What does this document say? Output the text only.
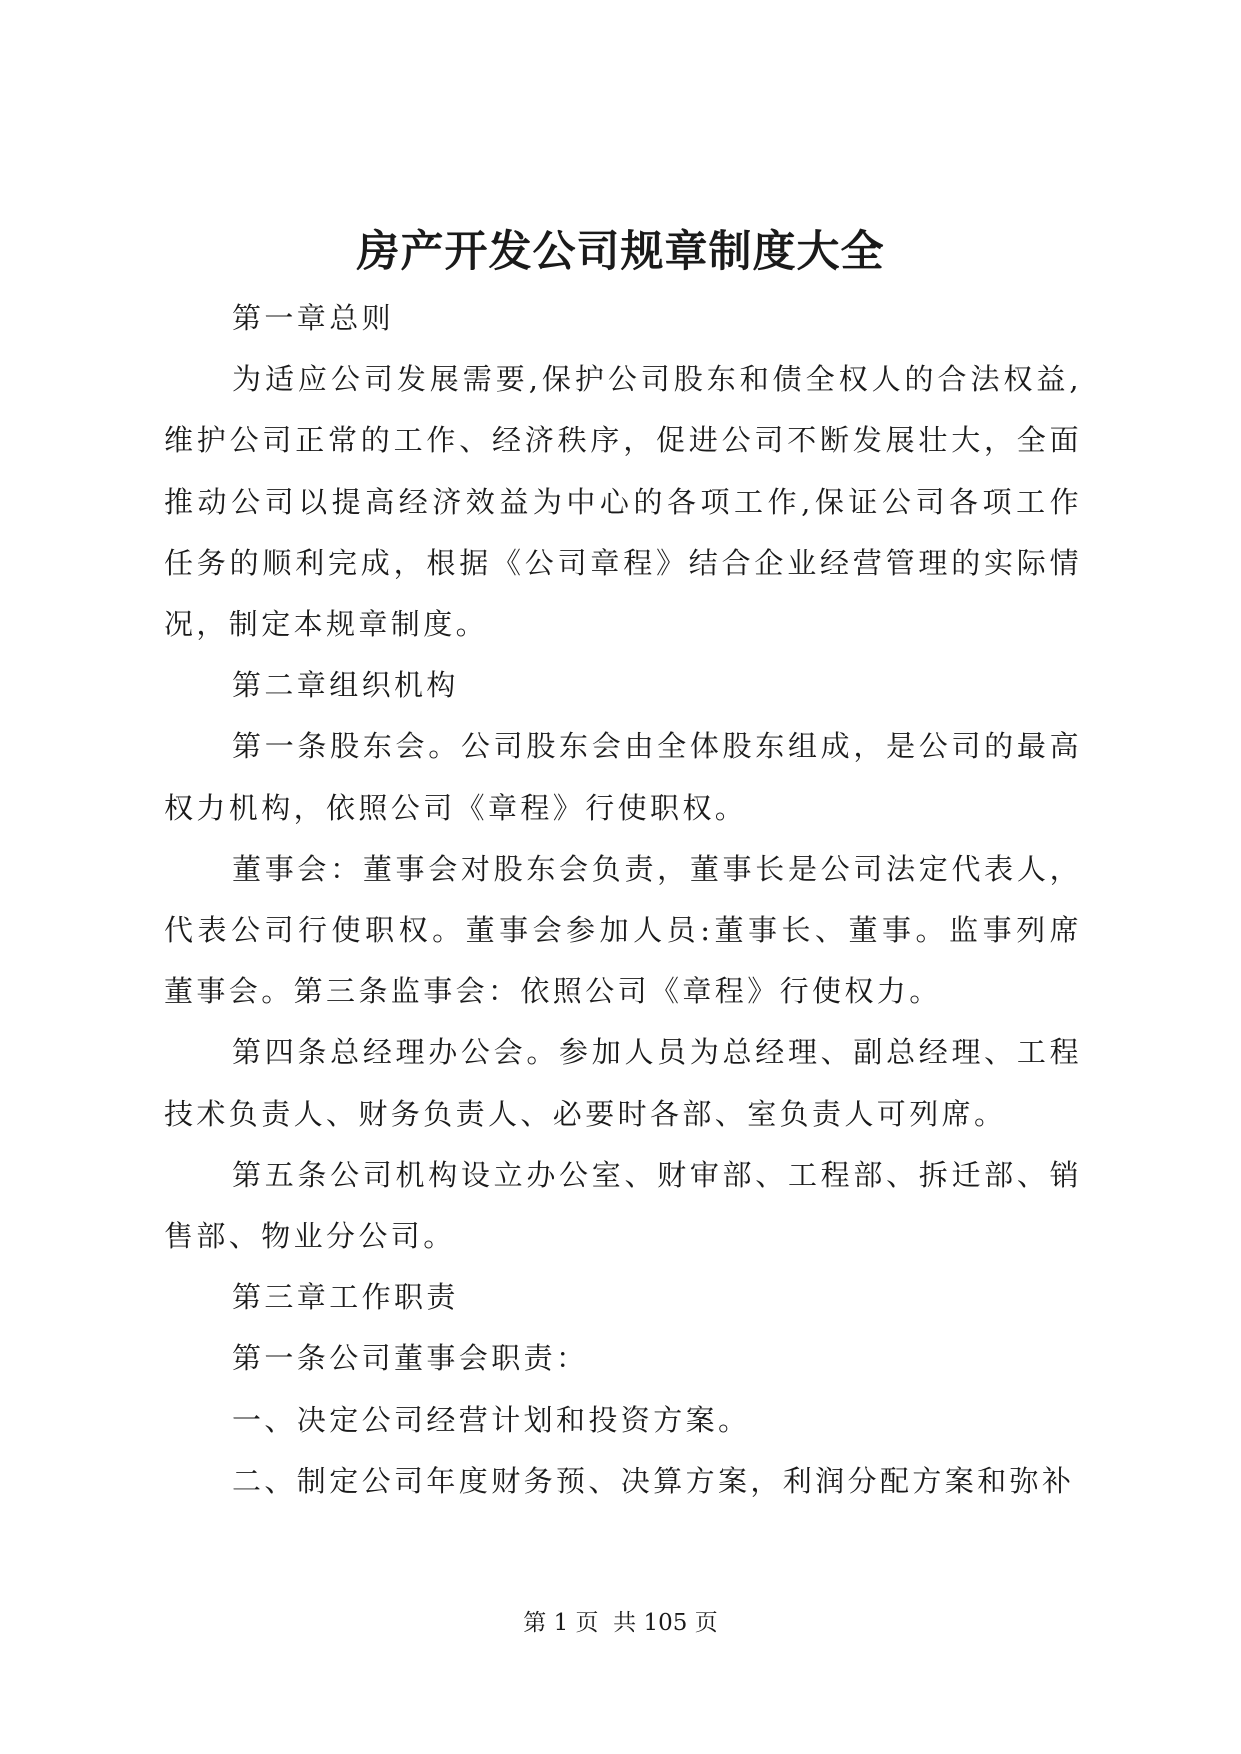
房产开发公司规章制度大全

第一章总则

为适应公司发展需要,保护公司股东和债全权人的合法权益,维护公司正常的工作、经济秩序，促进公司不断发展壮大，全面推动公司以提高经济效益为中心的各项工作,保证公司各项工作任务的顺利完成，根据《公司章程》结合企业经营管理的实际情况，制定本规章制度。

第二章组织机构

第一条股东会。公司股东会由全体股东组成，是公司的最高权力机构，依照公司《章程》行使职权。

董事会：董事会对股东会负责，董事长是公司法定代表人，代表公司行使职权。董事会参加人员:董事长、董事。监事列席董事会。第三条监事会：依照公司《章程》行使权力。

第四条总经理办公会。参加人员为总经理、副总经理、工程技术负责人、财务负责人、必要时各部、室负责人可列席。

第五条公司机构设立办公室、财审部、工程部、拆迁部、销售部、物业分公司。

第三章工作职责

第一条公司董事会职责：

一、决定公司经营计划和投资方案。

二、制定公司年度财务预、决算方案，利润分配方案和弥补

第 1 页 共 105 页
